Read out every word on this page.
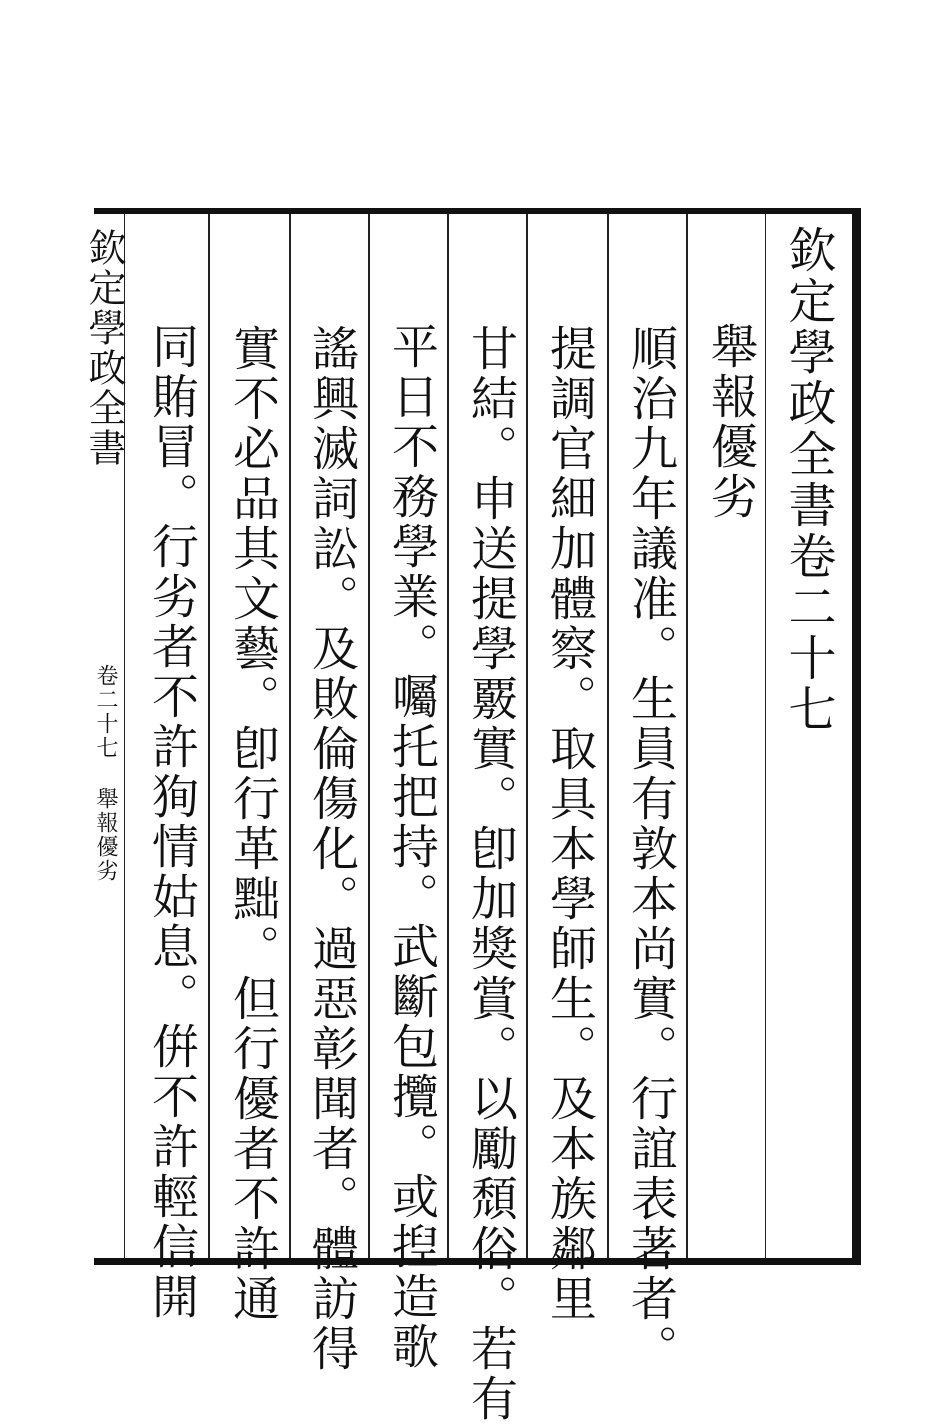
欽定學政全書卷二十七
舉報優劣
順治九年議准。生員有敦本尚實。行誼表著者。
提調官細加體察。取具本學師生。及本族鄰里
甘結。申送提學覈實。卽加獎賞。以勵頹俗。若有
平日不務學業。囑托把持。武斷包攬。或揑造歌
謠興滅詞訟。及敗倫傷化。過惡彰聞者。體訪得
實不必品其文藝。卽行革黜。但行優者不許通
同賄冒。行劣者不許狥情姑息。倂不許輕信開
欽定學政全書
卷二十七 舉報優劣
